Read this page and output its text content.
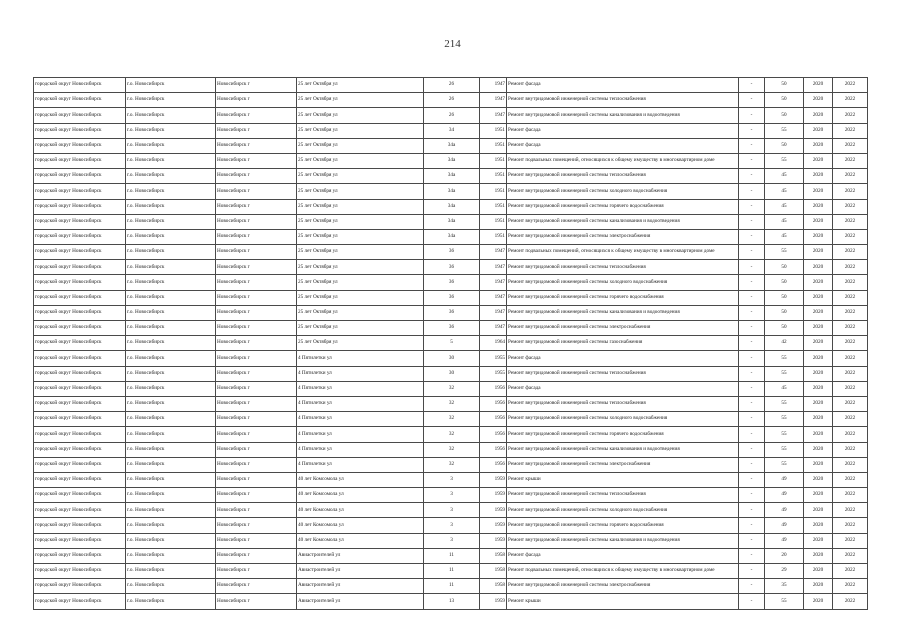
214
городской округ Новосибирск	г.о. Новосибирск	Новосибирск г	25 лет Октября ул	26	1947	Ремонт фасада	-	50	2020	2022
городской округ Новосибирск	г.о. Новосибирск	Новосибирск г	25 лет Октября ул	26	1947	Ремонт внутридомовой инженерной системы теплоснабжения	-	50	2020	2022
городской округ Новосибирск	г.о. Новосибирск	Новосибирск г	25 лет Октября ул	26	1947	Ремонт внутридомовой инженерной системы канализования и водоотведения	-	50	2020	2022
городской округ Новосибирск	г.о. Новосибирск	Новосибирск г	25 лет Октября ул	34	1951	Ремонт фасада	-	55	2020	2022
городской округ Новосибирск	г.о. Новосибирск	Новосибирск г	25 лет Октября ул	34а	1951	Ремонт фасада	-	50	2020	2022
городской округ Новосибирск	г.о. Новосибирск	Новосибирск г	25 лет Октября ул	34а	1951	Ремонт подвальных помещений, относящихся к общему имуществу в многоквартирном доме	-	55	2020	2022
городской округ Новосибирск	г.о. Новосибирск	Новосибирск г	25 лет Октября ул	34а	1951	Ремонт внутридомовой инженерной системы теплоснабжения	-	45	2020	2022
городской округ Новосибирск	г.о. Новосибирск	Новосибирск г	25 лет Октября ул	34а	1951	Ремонт внутридомовой инженерной системы холодного водоснабжения	-	45	2020	2022
городской округ Новосибирск	г.о. Новосибирск	Новосибирск г	25 лет Октября ул	34а	1951	Ремонт внутридомовой инженерной системы горячего водоснабжения	-	45	2020	2022
городской округ Новосибирск	г.о. Новосибирск	Новосибирск г	25 лет Октября ул	34а	1951	Ремонт внутридомовой инженерной системы канализования и водоотведения	-	45	2020	2022
городской округ Новосибирск	г.о. Новосибирск	Новосибирск г	25 лет Октября ул	34а	1951	Ремонт внутридомовой инженерной системы электроснабжения	-	45	2020	2022
городской округ Новосибирск	г.о. Новосибирск	Новосибирск г	25 лет Октября ул	36	1947	Ремонт подвальных помещений, относящихся к общему имуществу в многоквартирном доме	-	55	2020	2022
городской округ Новосибирск	г.о. Новосибирск	Новосибирск г	25 лет Октября ул	36	1947	Ремонт внутридомовой инженерной системы теплоснабжения	-	50	2020	2022
городской округ Новосибирск	г.о. Новосибирск	Новосибирск г	25 лет Октября ул	36	1947	Ремонт внутридомовой инженерной системы холодного водоснабжения	-	50	2020	2022
городской округ Новосибирск	г.о. Новосибирск	Новосибирск г	25 лет Октября ул	36	1947	Ремонт внутридомовой инженерной системы горячего водоснабжения	-	50	2020	2022
городской округ Новосибирск	г.о. Новосибирск	Новосибирск г	25 лет Октября ул	36	1947	Ремонт внутридомовой инженерной системы канализования и водоотведения	-	50	2020	2022
городской округ Новосибирск	г.о. Новосибирск	Новосибирск г	25 лет Октября ул	36	1947	Ремонт внутридомовой инженерной системы электроснабжения	-	50	2020	2022
городской округ Новосибирск	г.о. Новосибирск	Новосибирск г	25 лет Октября ул	5	1964	Ремонт внутридомовой инженерной системы газоснабжения	-	42	2020	2022
городской округ Новосибирск	г.о. Новосибирск	Новосибирск г	4 Пятилетки ул	30	1955	Ремонт фасада	-	55	2020	2022
городской округ Новосибирск	г.о. Новосибирск	Новосибирск г	4 Пятилетки ул	30	1955	Ремонт внутридомовой инженерной системы теплоснабжения	-	55	2020	2022
городской округ Новосибирск	г.о. Новосибирск	Новосибирск г	4 Пятилетки ул	32	1956	Ремонт фасада	-	45	2020	2022
городской округ Новосибирск	г.о. Новосибирск	Новосибирск г	4 Пятилетки ул	32	1956	Ремонт внутридомовой инженерной системы теплоснабжения	-	55	2020	2022
городской округ Новосибирск	г.о. Новосибирск	Новосибирск г	4 Пятилетки ул	32	1956	Ремонт внутридомовой инженерной системы холодного водоснабжения	-	55	2020	2022
городской округ Новосибирск	г.о. Новосибирск	Новосибирск г	4 Пятилетки ул	32	1956	Ремонт внутридомовой инженерной системы горячего водоснабжения	-	55	2020	2022
городской округ Новосибирск	г.о. Новосибирск	Новосибирск г	4 Пятилетки ул	32	1956	Ремонт внутридомовой инженерной системы канализования и водоотведения	-	55	2020	2022
городской округ Новосибирск	г.о. Новосибирск	Новосибирск г	4 Пятилетки ул	32	1956	Ремонт внутридомовой инженерной системы электроснабжения	-	55	2020	2022
городской округ Новосибирск	г.о. Новосибирск	Новосибирск г	40 лет Комсомола ул	3	1959	Ремонт крыши	-	49	2020	2022
городской округ Новосибирск	г.о. Новосибирск	Новосибирск г	40 лет Комсомола ул	3	1959	Ремонт внутридомовой инженерной системы теплоснабжения	-	49	2020	2022
городской округ Новосибирск	г.о. Новосибирск	Новосибирск г	40 лет Комсомола ул	3	1959	Ремонт внутридомовой инженерной системы холодного водоснабжения	-	49	2020	2022
городской округ Новосибирск	г.о. Новосибирск	Новосибирск г	40 лет Комсомола ул	3	1959	Ремонт внутридомовой инженерной системы горячего водоснабжения	-	49	2020	2022
городской округ Новосибирск	г.о. Новосибирск	Новосибирск г	40 лет Комсомола ул	3	1959	Ремонт внутридомовой инженерной системы канализования и водоотведения	-	49	2020	2022
городской округ Новосибирск	г.о. Новосибирск	Новосибирск г	Авиастроителей ул	11	1958	Ремонт фасада	-	20	2020	2022
городской округ Новосибирск	г.о. Новосибирск	Новосибирск г	Авиастроителей ул	11	1958	Ремонт подвальных помещений, относящихся к общему имуществу в многоквартирном доме	-	29	2020	2022
городской округ Новосибирск	г.о. Новосибирск	Новосибирск г	Авиастроителей ул	11	1958	Ремонт внутридомовой инженерной системы электроснабжения	-	35	2020	2022
городской округ Новосибирск	г.о. Новосибирск	Новосибирск г	Авиастроителей ул	13	1959	Ремонт крыши	-	55	2020	2022
